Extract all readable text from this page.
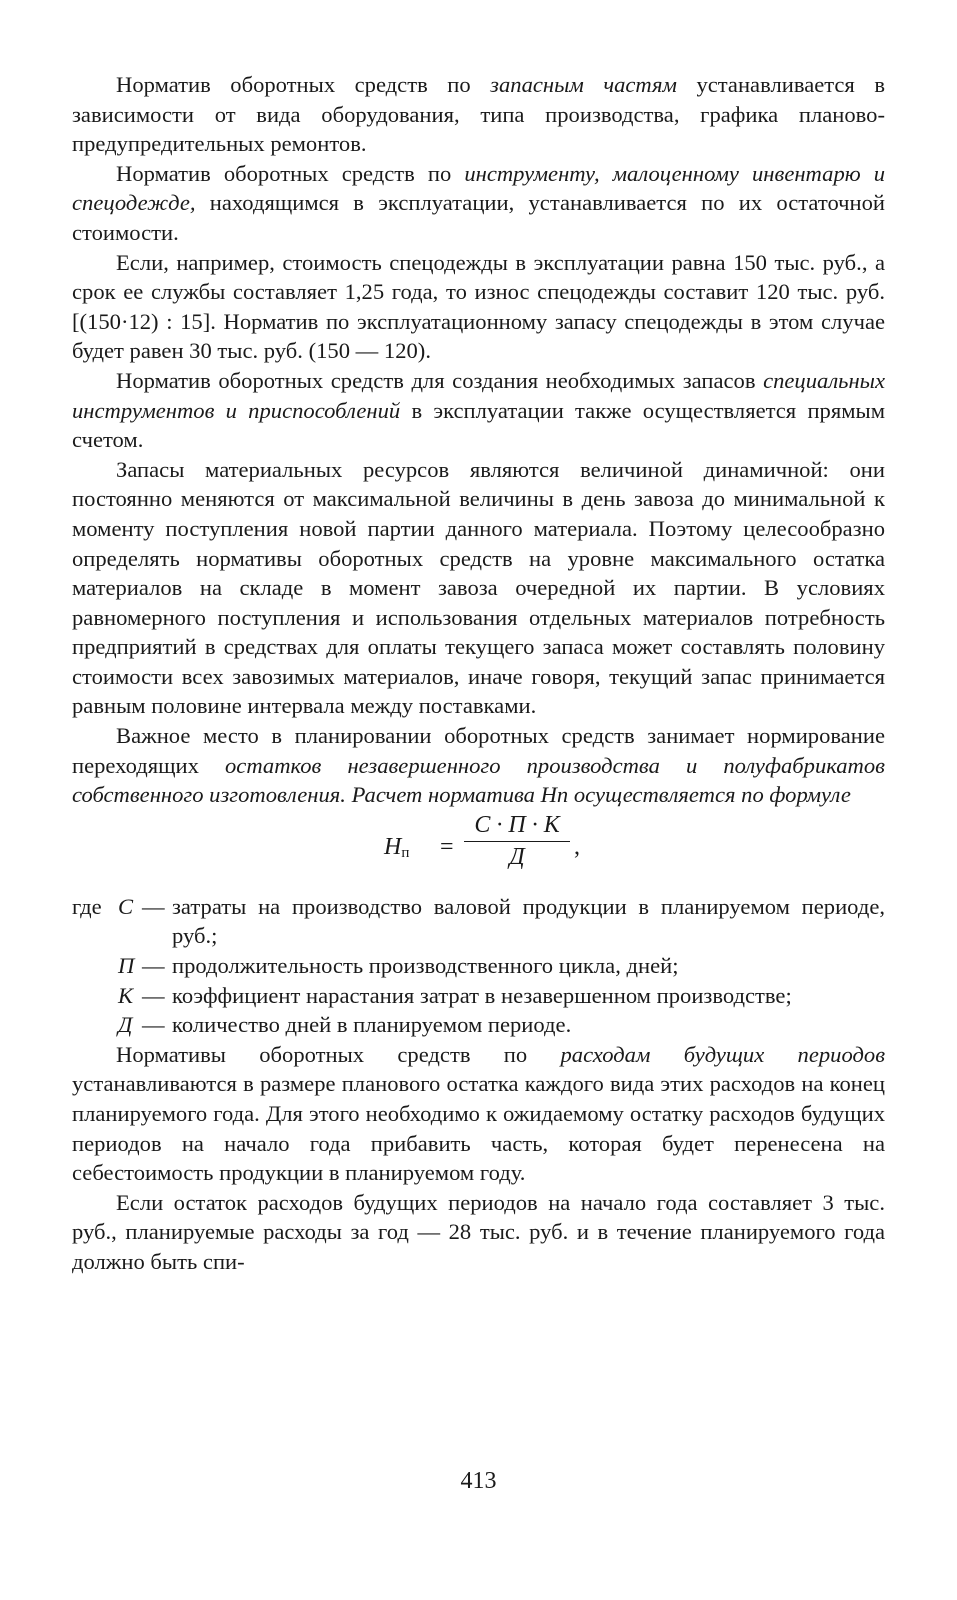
Норматив оборотных средств по запасным частям устанавливается в зависимости от вида оборудования, типа производства, графика планово-предупредительных ремонтов.

Норматив оборотных средств по инструменту, малоценному инвентарю и спецодежде, находящимся в эксплуатации, устанавливается по их остаточной стоимости.

Если, например, стоимость спецодежды в эксплуатации равна 150 тыс. руб., а срок ее службы составляет 1,25 года, то износ спецодежды составит 120 тыс. руб. [(150·12) : 15]. Норматив по эксплуатационному запасу спецодежды в этом случае будет равен 30 тыс. руб. (150 — 120).

Норматив оборотных средств для создания необходимых запасов специальных инструментов и приспособлений в эксплуатации также осуществляется прямым счетом.

Запасы материальных ресурсов являются величиной динамичной: они постоянно меняются от максимальной величины в день завоза до минимальной к моменту поступления новой партии данного материала. Поэтому целесообразно определять нормативы оборотных средств на уровне максимального остатка материалов на складе в момент завоза очередной их партии. В условиях равномерного поступления и использования отдельных материалов потребность предприятий в средствах для оплаты текущего запаса может составлять половину стоимости всех завозимых материалов, иначе говоря, текущий запас принимается равным половине интервала между поставками.

Важное место в планировании оборотных средств занимает нормирование переходящих остатков незавершенного производства и полуфабрикатов собственного изготовления. Расчет норматива Hп осуществляется по формуле

$H_п$ =
С · П · К
Д	,
где С — затраты на производство валовой продукции в планируемом периоде, руб.;
П — продолжительность производственного цикла, дней;
К — коэффициент нарастания затрат в незавершенном производстве;
Д — количество дней в планируемом периоде.

Нормативы оборотных средств по расходам будущих периодов устанавливаются в размере планового остатка каждого вида этих расходов на конец планируемого года. Для этого необходимо к ожидаемому остатку расходов будущих периодов на начало года прибавить часть, которая будет перенесена на себестоимость продукции в планируемом году.

Если остаток расходов будущих периодов на начало года составляет 3 тыс. руб., планируемые расходы за год — 28 тыс. руб. и в течение планируемого года должно быть спи-

413
